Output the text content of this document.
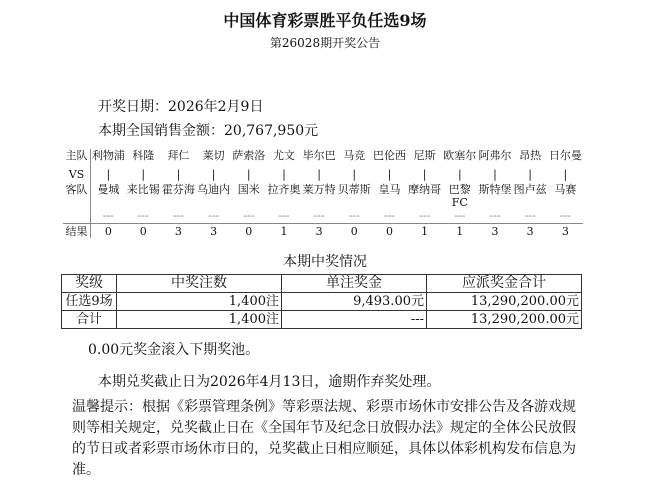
中国体育彩票胜平负任选9场
第26028期开奖公告
开奖日期：2026年2月9日
本期全国销售金额：20,767,950元
主队	利物浦	科隆	拜仁	莱切	萨索洛	尤文	毕尔巴	马竞	巴伦西	尼斯	欧塞尔	阿弗尔	昂热	日尔曼
VS	|	|	|	|	|	|	|	|	|	|	|	|	|	|
客队	曼城	来比锡	霍芬海	乌迪内	国米	拉齐奥	莱万特	贝蒂斯	皇马	摩纳哥	巴黎FC	斯特堡	图卢兹	马赛
	---	---	---	---	---	---	---	---	---	---	---	---	---	---
结果	0	0	3	3	0	1	3	0	0	1	1	3	3	3
本期中奖情况
奖级	中奖注数	单注奖金	应派奖金合计
任选9场	1,400注	9,493.00元	13,290,200.00元
合计	1,400注	---	13,290,200.00元
0.00元奖金滚入下期奖池。
本期兑奖截止日为2026年4月13日，逾期作弃奖处理。
温馨提示：根据《彩票管理条例》等彩票法规、彩票市场休市安排公告及各游戏规则等相关规定，兑奖截止日在《全国年节及纪念日放假办法》规定的全体公民放假的节日或者彩票市场休市日的，兑奖截止日相应顺延，具体以体彩机构发布信息为准。
